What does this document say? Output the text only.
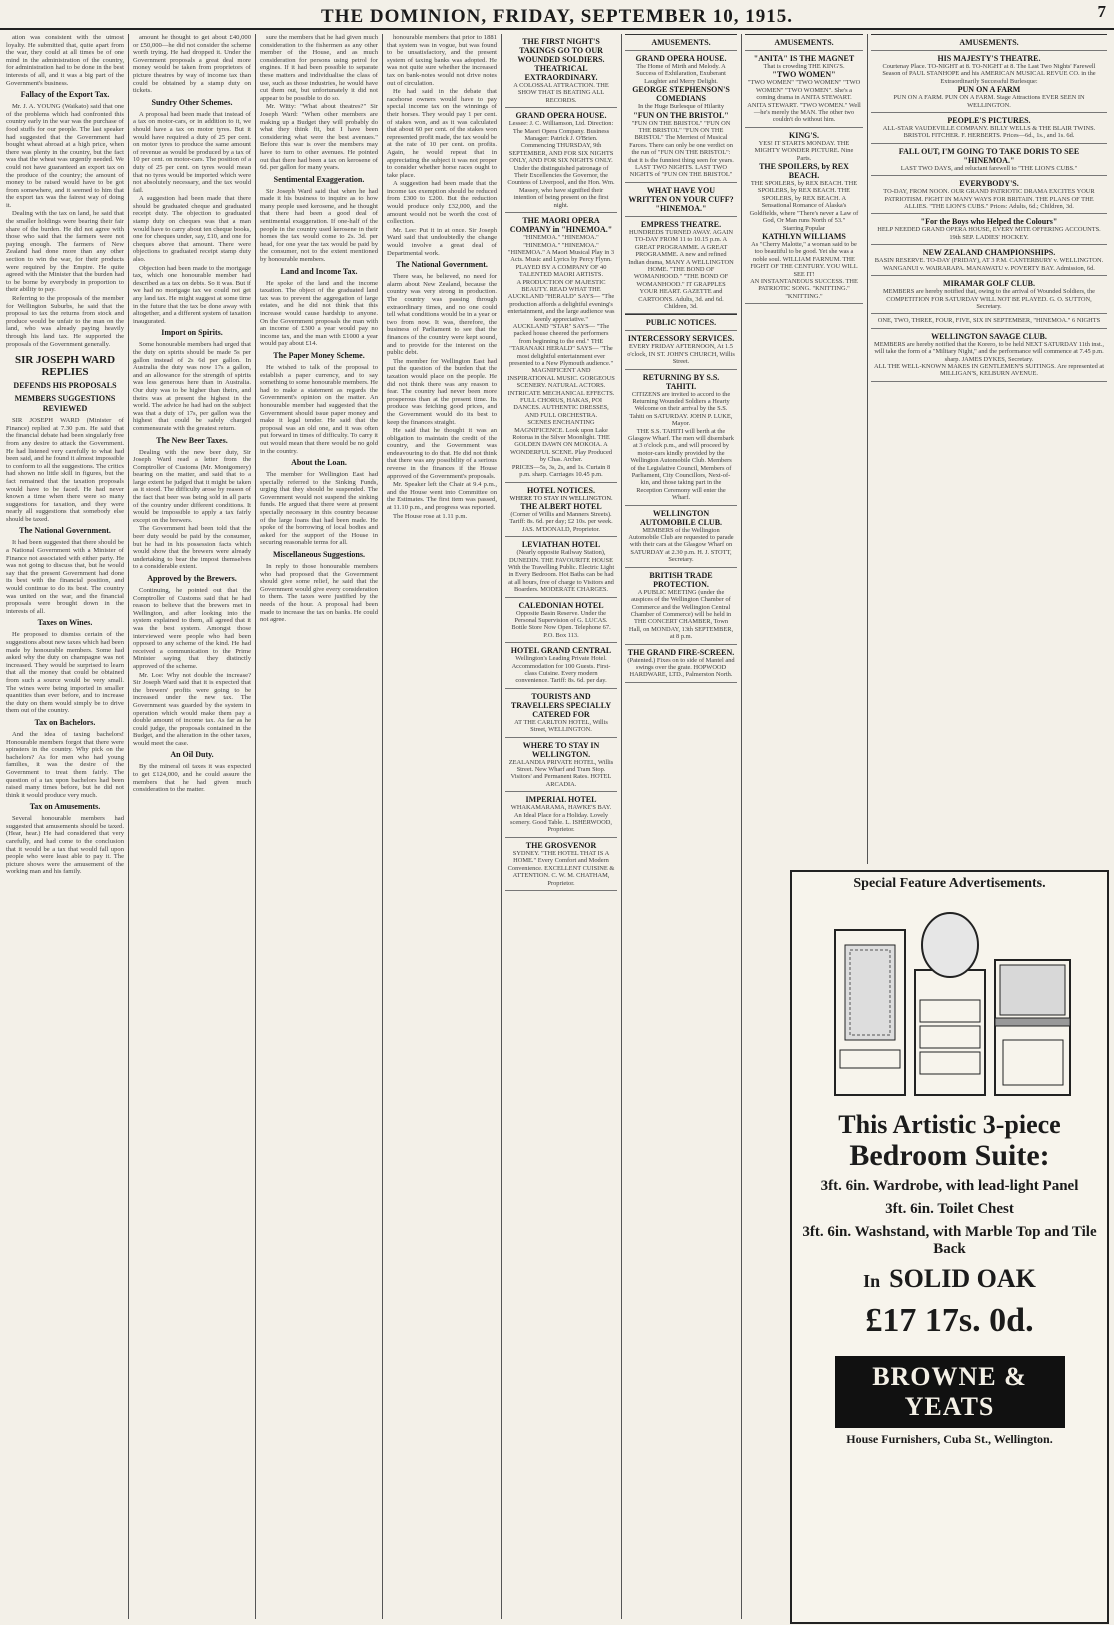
THE DOMINION, FRIDAY, SEPTEMBER 10, 1915.	7

ation was consistent with the utmost loyalty. He submitted that, quite apart from the war, they could at all times be of one mind in the administration of the country, for administration had to be done in the best interests of all, and it was a big part of the Government's business.

Fallacy of the Export Tax.

Mr. J. A. YOUNG (Waikato) said that one of the problems which had confronted this country early in the war was the purchase of food stuffs for our people. The last speaker had suggested that the Government had bought wheat abroad at a high price, when there was plenty in the country, but the fact was that the wheat was urgently needed. We could not have guaranteed an export tax on the produce of the country; the amount of money to be raised would have to be got from somewhere, and it seemed to him that the export tax was the fairest way of doing it.

Dealing with the tax on land, he said that the smaller holdings were bearing their fair share of the burden. He did not agree with those who said that the farmers were not paying enough. The farmers of New Zealand had done more than any other section to win the war, for their products were required by the Empire. He quite agreed with the Minister that the burden had to be borne by everybody in proportion to their ability to pay.

Referring to the proposals of the member for Wellington Suburbs, he said that the proposal to tax the returns from stock and produce would be unfair to the man on the land, who was already paying heavily through his land tax. He supported the proposals of the Government generally.

SIR JOSEPH WARD REPLIES

DEFENDS HIS PROPOSALS

MEMBERS SUGGESTIONS REVIEWED

SIR JOSEPH WARD (Minister of Finance) replied at 7.30 p.m. He said that the financial debate had been singularly free from any desire to attack the Government. He had listened very carefully to what had been said, and he found it almost impossible to conform to all the suggestions. The critics had shown no little skill in figures, but the fact remained that the taxation proposals would have to be faced. He had never known a time when there were so many suggestions for taxation, and they were nearly all suggestions that somebody else should be taxed.

The National Government.

It had been suggested that there should be a National Government with a Minister of Finance not associated with either party. He was not going to discuss that, but he would say that the present Government had done its best with the financial position, and would continue to do its best. The country was united on the war, and the financial proposals were brought down in the interests of all.

Taxes on Wines.

He proposed to dismiss certain of the suggestions about new taxes which had been made by honourable members. Some had asked why the duty on champagne was not increased. They would be surprised to learn that all the money that could be obtained from such a source would be very small. The wines were being imported in smaller quantities than ever before, and to increase the duty on them would simply be to drive them out of the country.

Tax on Bachelors.

And the idea of taxing bachelors! Honourable members forgot that there were spinsters in the country. Why pick on the bachelors? As for men who had young families, it was the desire of the Government to treat them fairly. The question of a tax upon bachelors had been raised many times before, but he did not think it would produce very much.

Tax on Amusements.

Several honourable members had suggested that amusements should be taxed. (Hear, hear.) He had considered that very carefully, and had come to the conclusion that it would be a tax that would fall upon people who were least able to pay it. The picture shows were the amusement of the working man and his family.

amount he thought to get about £40,000 or £50,000—he did not consider the scheme worth trying. He had dropped it. Under the Government proposals a great deal more money would be taken from proprietors of picture theatres by way of income tax than could be obtained by a stamp duty on tickets.

Sundry Other Schemes.

A proposal had been made that instead of a tax on motor-cars, or in addition to it, we should have a tax on motor tyres. But it would have required a duty of 25 per cent. on motor tyres to produce the same amount of revenue as would be produced by a tax of 10 per cent. on motor-cars. The position of a duty of 25 per cent. on tyres would mean that no tyres would be imported which were not absolutely necessary, and the tax would fail.

A suggestion had been made that there should be graduated cheque and graduated receipt duty. The objection to graduated stamp duty on cheques was that a man would have to carry about ten cheque books, one for cheques under, say, £10, and one for cheques above that amount. There were objections to graduated receipt stamp duty also.

Objection had been made to the mortgage tax, which one honourable member had described as a tax on debts. So it was. But if we had no mortgage tax we could not get any land tax. He might suggest at some time in the future that the tax be done away with altogether, and a different system of taxation inaugurated.

Import on Spirits.

Some honourable members had urged that the duty on spirits should be made 5s per gallon instead of 2s 6d per gallon. In Australia the duty was now 17s a gallon, and an allowance for the strength of spirits was less generous here than in Australia. Our duty was to be higher than theirs, and theirs was at present the highest in the world. The advice he had had on the subject was that a duty of 17s, per gallon was the highest that could be safely charged commensurate with the greatest return.

The New Beer Taxes.

Dealing with the new beer duty, Sir Joseph Ward read a letter from the Comptroller of Customs (Mr. Montgomery) bearing on the matter, and said that to a large extent he judged that it might be taken as it stood. The difficulty arose by reason of the fact that beer was being sold in all parts of the country under different conditions. It would be impossible to apply a tax fairly except on the brewers.

The Government had been told that the beer duty would be paid by the consumer, but he had in his possession facts which would show that the brewers were already undertaking to bear the impost themselves to a considerable extent.

Approved by the Brewers.

Continuing, he pointed out that the Comptroller of Customs said that he had reason to believe that the brewers met in Wellington, and after looking into the system explained to them, all agreed that it was the best system. Amongst those interviewed were people who had been opposed to any scheme of the kind. He had received a communication to the Prime Minister saying that they distinctly approved of the scheme.

Mr. Loe: Why not double the increase? Sir Joseph Ward said that it is expected that the brewers' profits were going to be increased under the new tax. The Government was guarded by the system in operation which would make them pay a double amount of income tax. As far as he could judge, the proposals contained in the Budget, and the alteration in the other taxes, would meet the case.

An Oil Duty.

By the mineral oil taxes it was expected to get £124,000, and he could assure the members that he had given much consideration to the matter.

sure the members that he had given much consideration to the fishermen as any other member of the House, and as much consideration for persons using petrol for engines. If it had been possible to separate these matters and individualise the class of use, such as those industries, he would have cut them out, but unfortunately it did not appear to be possible to do so.

Mr. Witty: "What about theatres?" Sir Joseph Ward: "When other members are making up a Budget they will probably do what they think fit, but I have been considering what were the best avenues." Before this war is over the members may have to turn to other avenues. He pointed out that there had been a tax on kerosene of 6d. per gallon for many years.

Sentimental Exaggeration.

Sir Joseph Ward said that when he had made it his business to inquire as to how many people used kerosene, and he thought that there had been a good deal of sentimental exaggeration. If one-half of the people in the country used kerosene in their homes the tax would come to 2s. 3d. per head, for one year the tax would be paid by the consumer, not to the extent mentioned by honourable members.

Land and Income Tax.

He spoke of the land and the income taxation. The object of the graduated land tax was to prevent the aggregation of large estates, and he did not think that this increase would cause hardship to anyone. On the Government proposals the man with an income of £300 a year would pay no income tax, and the man with £1000 a year would pay about £14.

The Paper Money Scheme.

He wished to talk of the proposal to establish a paper currency, and to say something to some honourable members. He had to make a statement as regards the Government's opinion on the matter. An honourable member had suggested that the Government should issue paper money and make it legal tender. He said that the proposal was an old one, and it was often put forward in times of difficulty. To carry it out would mean that there would be no gold in the country.

About the Loan.

The member for Wellington East had specially referred to the Sinking Funds, urging that they should be suspended. The Government would not suspend the sinking funds. He argued that there were at present specially necessary in this country because of the large loans that had been made. He spoke of the borrowing of local bodies and asked for the support of the House in securing reasonable terms for all.

Miscellaneous Suggestions.

In reply to those honourable members who had proposed that the Government should give some relief, he said that the Government would give every consideration to them. The taxes were justified by the needs of the hour. A proposal had been made to increase the tax on banks. He could not agree.

honourable members that prior to 1881 that system was in vogue, but was found to be unsatisfactory, and the present system of taxing banks was adopted. He was not quite sure whether the increased tax on bank-notes would not drive notes out of circulation.

He had said in the debate that racehorse owners would have to pay special income tax on the winnings of their horses. They would pay 1 per cent. of stakes won, and as it was calculated that about 60 per cent. of the stakes won represented profit made, the tax would be at the rate of 10 per cent. on profits. Again, he would repeat that in appreciating the subject it was not proper to consider whether horse races ought to take place.

A suggestion had been made that the income tax exemption should be reduced from £300 to £200. But the reduction would produce only £32,000, and the amount would not be worth the cost of collection.

Mr. Lee: Put it in at once. Sir Joseph Ward said that undoubtedly the change would involve a great deal of Departmental work.

The National Government.

There was, he believed, no need for alarm about New Zealand, because the country was very strong in production. The country was passing through extraordinary times, and no one could tell what conditions would be in a year or two from now. It was, therefore, the business of Parliament to see that the finances of the country were kept sound, and to provide for the interest on the public debt.

The member for Wellington East had put the question of the burden that the taxation would place on the people. He did not think there was any reason to fear. The country had never been more prosperous than at the present time. Its produce was fetching good prices, and the Government would do its best to keep the finances straight.

He said that he thought it was an obligation to maintain the credit of the country, and the Government was endeavouring to do that. He did not think that there was any possibility of a serious reverse in the finances if the House approved of the Government's proposals.

Mr. Speaker left the Chair at 9.4 p.m., and the House went into Committee on the Estimates. The first item was passed, at 11.10 p.m., and progress was reported.

The House rose at 1.11 p.m.

THE FIRST NIGHT'S TAKINGS GO TO OUR WOUNDED SOLDIERS.
THEATRICAL EXTRAORDINARY.
A COLOSSAL ATTRACTION. THE SHOW THAT IS BEATING ALL RECORDS.
GRAND OPERA HOUSE.
Lessee: J. C. Williamson, Ltd. Direction: The Maori Opera Company. Business Manager: Patrick J. O'Brien.
Commencing THURSDAY, 9th SEPTEMBER, AND FOR SIX NIGHTS ONLY, AND FOR SIX NIGHTS ONLY. Under the distinguished patronage of Their Excellencies the Governor, the Countess of Liverpool, and the Hon. Wm. Massey, who have signified their intention of being present on the first night.
THE MAORI OPERA COMPANY in "HINEMOA."
"HINEMOA." "HINEMOA." "HINEMOA." "HINEMOA." "HINEMOA." A Maori Musical Play in 3 Acts. Music and Lyrics by Percy Flynn. PLAYED BY A COMPANY OF 40 TALENTED MAORI ARTISTS.
A PRODUCTION OF MAJESTIC BEAUTY. READ WHAT THE AUCKLAND "HERALD" SAYS— "The production affords a delightful evening's entertainment, and the large audience was keenly appreciative."
AUCKLAND "STAR" SAYS— "The packed house cheered the performers from beginning to the end." THE "TARANAKI HERALD" SAYS— "The most delightful entertainment ever presented to a New Plymouth audience."
MAGNIFICENT AND INSPIRATIONAL MUSIC. GORGEOUS SCENERY. NATURAL ACTORS. INTRICATE MECHANICAL EFFECTS. FULL CHORUS, HAKAS, POI DANCES. AUTHENTIC DRESSES, AND FULL ORCHESTRA.
SCENES ENCHANTING MAGNIFICENCE. Look upon Lake Rotorua in the Silver Moonlight. THE GOLDEN DAWN ON MOKOIA. A WONDERFUL SCENE. Play Produced by Chas. Archer.
PRICES—5s, 3s, 2s, and 1s. Curtain 8 p.m. sharp. Carriages 10.45 p.m.
HOTEL NOTICES.
WHERE TO STAY IN WELLINGTON.
THE ALBERT HOTEL
(Corner of Willis and Manners Streets). Tariff: 8s. 6d. per day; £2 10s. per week. JAS. M'DONALD, Proprietor.
LEVIATHAN HOTEL
(Nearly opposite Railway Station), DUNEDIN. THE FAVOURITE HOUSE With the Travelling Public. Electric Light in Every Bedroom. Hot Baths can be had at all hours, free of charge to Visitors and Boarders. MODERATE CHARGES.
CALEDONIAN HOTEL
Opposite Basin Reserve. Under the Personal Supervision of G. LUCAS. Bottle Store Now Open. Telephone 67. P.O. Box 113.
HOTEL GRAND CENTRAL
Wellington's Leading Private Hotel. Accommodation for 100 Guests. First-class Cuisine. Every modern convenience. Tariff: 8s. 6d. per day.
TOURISTS AND TRAVELLERS SPECIALLY CATERED FOR
AT THE CARLTON HOTEL, Willis Street, WELLINGTON.
WHERE TO STAY IN WELLINGTON.
ZEALANDIA PRIVATE HOTEL, Willis Street. New Wharf and Tram Stop. Visitors' and Permanent Rates. HOTEL ARCADIA.
IMPERIAL HOTEL
WHAKAMARAMA, HAWKE'S BAY. An Ideal Place for a Holiday. Lovely scenery. Good Table. L. ISHERWOOD, Proprietor.
THE GROSVENOR
SYDNEY. "THE HOTEL THAT IS A HOME." Every Comfort and Modern Convenience. EXCELLENT CUISINE & ATTENTION. C. W. M. CHATHAM, Proprietor.
AMUSEMENTS.
GRAND OPERA HOUSE.
The Home of Mirth and Melody. A Success of Exhilaration, Exuberant Laughter and Merry Delight.
GEORGE STEPHENSON'S COMEDIANS
In the Huge Burlesque of Hilarity
"FUN ON THE BRISTOL"
"FUN ON THE BRISTOL" "FUN ON THE BRISTOL" "FUN ON THE BRISTOL" The Merriest of Musical Farces. There can only be one verdict on the run of "FUN ON THE BRISTOL": that it is the funniest thing seen for years.
LAST TWO NIGHTS. LAST TWO NIGHTS of "FUN ON THE BRISTOL"
WHAT HAVE YOU WRITTEN ON YOUR CUFF? "HINEMOA."
EMPRESS THEATRE.
HUNDREDS TURNED AWAY. AGAIN TO-DAY FROM 11 to 10.15 p.m. A GREAT PROGRAMME. A GREAT PROGRAMME. A new and refined Indian drama, MANY A WELLINGTON HOME. "THE BOND OF WOMANHOOD." "THE BOND OF WOMANHOOD." IT GRAPPLES YOUR HEART. GAZETTE and CARTOONS. Adults, 3d. and 6d. Children, 3d.
PUBLIC NOTICES.
INTERCESSORY SERVICES.
EVERY FRIDAY AFTERNOON, At 1.5 o'clock, IN ST. JOHN'S CHURCH, Willis Street.
RETURNING BY S.S. TAHITI.
CITIZENS are invited to accord to the Returning Wounded Soldiers a Hearty Welcome on their arrival by the S.S. Tahiti on SATURDAY. JOHN P. LUKE, Mayor.
THE S.S. TAHITI will berth at the Glasgow Wharf. The men will disembark at 3 o'clock p.m., and will proceed by motor-cars kindly provided by the Wellington Automobile Club. Members of the Legislative Council, Members of Parliament, City Councillors, Next-of-kin, and those taking part in the Reception Ceremony will enter the Wharf.
WELLINGTON AUTOMOBILE CLUB.
MEMBERS of the Wellington Automobile Club are requested to parade with their cars at the Glasgow Wharf on SATURDAY at 2.30 p.m. H. J. STOTT, Secretary.
BRITISH TRADE PROTECTION.
A PUBLIC MEETING (under the auspices of the Wellington Chamber of Commerce and the Wellington Central Chamber of Commerce) will be held in THE CONCERT CHAMBER, Town Hall, on MONDAY, 13th SEPTEMBER, at 8 p.m.
THE GRAND FIRE-SCREEN.
(Patented.) Fixes on to side of Mantel and swings over the grate. HOPWOOD HARDWARE, LTD., Palmerston North.
AMUSEMENTS.
"ANITA" IS THE MAGNET
That is crowding THE KING'S.
"TWO WOMEN"
"TWO WOMEN" "TWO WOMEN" "TWO WOMEN" "TWO WOMEN". She's a coming drama in ANITA STEWART. ANITA STEWART. "TWO WOMEN." Well—he's merely the MAN. The other two couldn't do without him.
KING'S.
YES! IT STARTS MONDAY. THE MIGHTY WONDER PICTURE. Nine Parts.
THE SPOILERS, by REX BEACH.
THE SPOILERS, by REX BEACH. THE SPOILERS, by REX BEACH. THE SPOILERS, by REX BEACH. A Sensational Romance of Alaska's Goldfields, where "There's never a Law of God, Or Man runs North of 53."
Starring Popular
KATHLYN WILLIAMS
As "Cherry Malotte," a woman said to be too beautiful to be good. Yet she was a noble soul. WILLIAM FARNUM. THE FIGHT OF THE CENTURY. YOU WILL SEE IT!
AN INSTANTANEOUS SUCCESS. THE PATRIOTIC SONG. "KNITTING." "KNITTING."
AMUSEMENTS.
HIS MAJESTY'S THEATRE.
Courtenay Place. TO-NIGHT at 8. TO-NIGHT at 8. The Last Two Nights' Farewell Season of PAUL STANHOPE and his AMERICAN MUSICAL REVUE CO. in the Extraordinarily Successful Burlesque:
PUN ON A FARM
PUN ON A FARM. PUN ON A FARM. Stage Attractions EVER SEEN IN WELLINGTON.
PEOPLE'S PICTURES.
ALL-STAR VAUDEVILLE COMPANY. BILLY WELLS & THE BLAIR TWINS. BRISTOL FITCHER. F. HERBERTS. Prices—6d., 1s., and 1s. 6d.
FALL OUT, I'M GOING TO TAKE DORIS TO SEE "HINEMOA."
LAST TWO DAYS, and reluctant farewell to "THE LION'S CUBS."
EVERYBODY'S.
TO-DAY, FROM NOON. OUR GRAND PATRIOTIC DRAMA EXCITES YOUR PATRIOTISM. FIGHT IN MANY WAYS FOR BRITAIN. THE PLANS OF THE ALLIES. "THE LION'S CUBS." Prices: Adults, 6d.; Children, 3d.
"For the Boys who Helped the Colours"
HELP NEEDED GRAND OPERA HOUSE, EVERY MITE OFFERING ACCOUNTS. 19th SEP. LADIES' HOCKEY.
NEW ZEALAND CHAMPIONSHIPS.
BASIN RESERVE. TO-DAY (FRIDAY), AT 3 P.M. CANTERBURY v. WELLINGTON. WANGANUI v. WAIRARAPA. MANAWATU v. POVERTY BAY. Admission, 6d.
MIRAMAR GOLF CLUB.
MEMBERS are hereby notified that, owing to the arrival of Wounded Soldiers, the COMPETITION FOR SATURDAY WILL NOT BE PLAYED. G. O. SUTTON, Secretary.
ONE, TWO, THREE, FOUR, FIVE, SIX IN SEPTEMBER, "HINEMOA." 6 NIGHTS
WELLINGTON SAVAGE CLUB.
MEMBERS are hereby notified that the Korero, to be held NEXT SATURDAY 11th inst., will take the form of a "Military Night," and the performance will commence at 7.45 p.m. sharp. JAMES DYKES, Secretary.
ALL THE WELL-KNOWN MAKES IN GENTLEMEN'S SUITINGS. Are represented at MILLIGAN'S, KELBURN AVENUE.
Special Feature Advertisements.
This Artistic 3-piece
Bedroom Suite:
3ft. 6in. Wardrobe, with lead-light Panel
3ft. 6in. Toilet Chest
3ft. 6in. Washstand, with Marble Top and Tile Back
In SOLID OAK
£17 17s. 0d.
BROWNE & YEATS
House Furnishers, Cuba St., Wellington.
